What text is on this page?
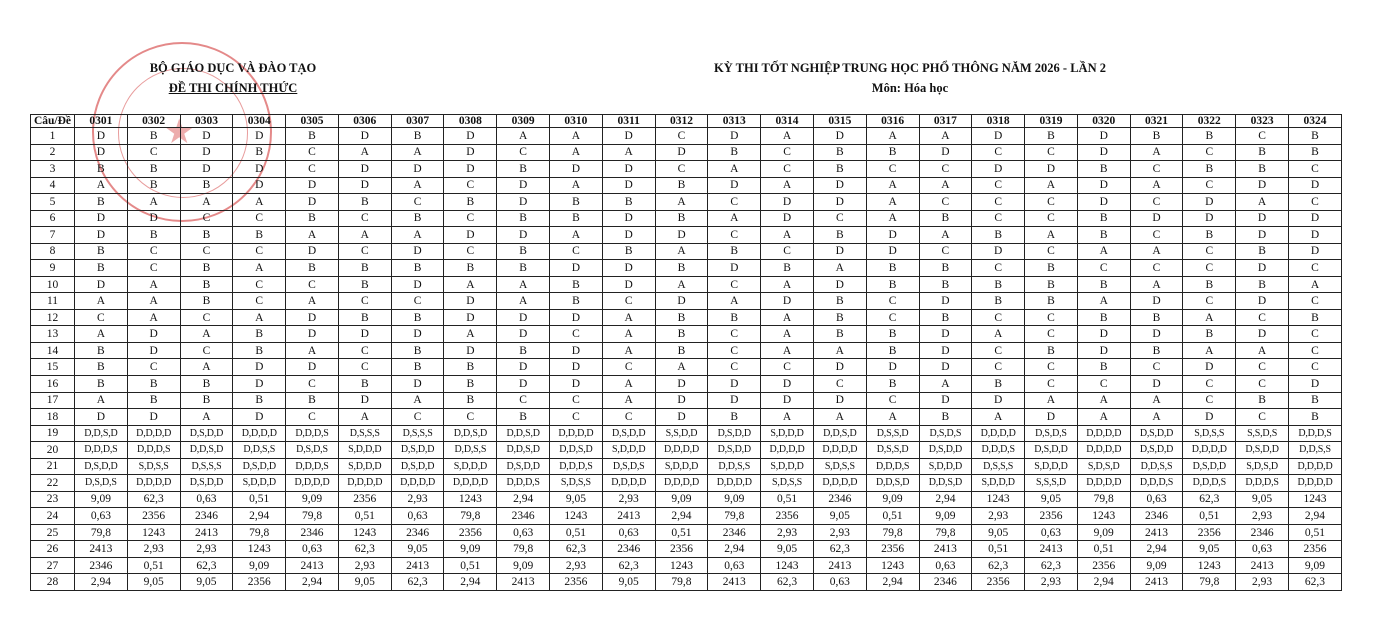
★
BỘ GIÁO DỤC VÀ ĐÀO TẠO
ĐỀ THI CHÍNH THỨC
KỲ THI TỐT NGHIỆP TRUNG HỌC PHỔ THÔNG NĂM 2026 - LẦN 2
Môn: Hóa học
Câu/Đề	0301	0302	0303	0304	0305	0306	0307	0308	0309	0310	0311	0312	0313	0314	0315	0316	0317	0318	0319	0320	0321	0322	0323	0324
1	D	B	D	D	B	D	B	D	A	A	D	C	D	A	D	A	A	D	B	D	B	B	C	B
2	D	C	D	B	C	A	A	D	C	A	A	D	B	C	B	B	D	C	C	D	A	C	B	B
3	B	B	D	D	C	D	D	D	B	D	D	C	A	C	B	C	C	D	D	B	C	B	B	C
4	A	B	B	D	D	D	A	C	D	A	D	B	D	A	D	A	A	C	A	D	A	C	D	D
5	B	A	A	A	D	B	C	B	D	B	B	A	C	D	D	A	C	C	C	D	C	D	A	C
6	D	D	C	C	B	C	B	C	B	B	D	B	A	D	C	A	B	C	C	B	D	D	D	D
7	D	B	B	B	A	A	A	D	D	A	D	D	C	A	B	D	A	B	A	B	C	B	D	D
8	B	C	C	C	D	C	D	C	B	C	B	A	B	C	D	D	C	D	C	A	A	C	B	D
9	B	C	B	A	B	B	B	B	B	D	D	B	D	B	A	B	B	C	B	C	C	C	D	C
10	D	A	B	C	C	B	D	A	A	B	D	A	C	A	D	B	B	B	B	B	A	B	B	A
11	A	A	B	C	A	C	C	D	A	B	C	D	A	D	B	C	D	B	B	A	D	C	D	C
12	C	A	C	A	D	B	B	D	D	D	A	B	B	A	B	C	B	C	C	B	B	A	C	B
13	A	D	A	B	D	D	D	A	D	C	A	B	C	A	B	B	D	A	C	D	D	B	D	C
14	B	D	C	B	A	C	B	D	B	D	A	B	C	A	A	B	D	C	B	D	B	A	A	C
15	B	C	A	D	D	C	B	B	D	D	C	A	C	C	D	D	D	C	C	B	C	D	C	C
16	B	B	B	D	C	B	D	B	D	D	A	D	D	D	C	B	A	B	C	C	D	C	C	D
17	A	B	B	B	B	D	A	B	C	C	A	D	D	D	D	C	D	D	A	A	A	C	B	B
18	D	D	A	D	C	A	C	C	B	C	C	D	B	A	A	A	B	A	D	A	A	D	C	B
19	D,D,S,D	D,D,D,D	D,S,D,D	D,D,D,D	D,D,D,S	D,S,S,S	D,S,S,S	D,D,S,D	D,D,S,D	D,D,D,D	D,S,D,D	S,S,D,D	D,S,D,D	S,D,D,D	D,D,S,D	D,S,S,D	D,S,D,S	D,D,D,D	D,S,D,S	D,D,D,D	D,S,D,D	S,D,S,S	S,S,D,S	D,D,D,S
20	D,D,D,S	D,D,D,S	D,D,S,D	D,D,S,S	D,S,D,S	S,D,D,D	D,S,D,D	D,D,S,S	D,D,S,D	D,D,S,D	S,D,D,D	D,D,D,D	D,S,D,D	D,D,D,D	D,D,D,D	D,S,S,D	D,S,D,D	D,D,D,S	D,S,D,D	D,D,D,D	D,S,D,D	D,D,D,D	D,S,D,D	D,D,S,S
21	D,S,D,D	S,D,S,S	D,S,S,S	D,S,D,D	D,D,D,S	S,D,D,D	D,S,D,D	S,D,D,D	D,S,D,D	D,D,D,S	D,S,D,S	S,D,D,D	D,D,S,S	S,D,D,D	S,D,S,S	D,D,D,S	S,D,D,D	D,S,S,S	S,D,D,D	S,D,S,D	D,D,S,S	D,S,D,D	S,D,S,D	D,D,D,D
22	D,S,D,S	D,D,D,D	D,S,D,D	S,D,D,D	D,D,D,D	D,D,D,D	D,D,D,D	D,D,D,D	D,D,D,S	S,D,S,S	D,D,D,D	D,D,D,D	D,D,D,D	S,D,S,S	D,D,D,D	D,D,S,D	D,D,S,D	S,D,D,D	S,S,S,D	D,D,D,D	D,D,D,S	D,D,D,S	D,D,D,S	D,D,D,D
23	9,09	62,3	0,63	0,51	9,09	2356	2,93	1243	2,94	9,05	2,93	9,09	9,09	0,51	2346	9,09	2,94	1243	9,05	79,8	0,63	62,3	9,05	1243
24	0,63	2356	2346	2,94	79,8	0,51	0,63	79,8	2346	1243	2413	2,94	79,8	2356	9,05	0,51	9,09	2,93	2356	1243	2346	0,51	2,93	2,94
25	79,8	1243	2413	79,8	2346	1243	2346	2356	0,63	0,51	0,63	0,51	2346	2,93	2,93	79,8	79,8	9,05	0,63	9,09	2413	2356	2346	0,51
26	2413	2,93	2,93	1243	0,63	62,3	9,05	9,09	79,8	62,3	2346	2356	2,94	9,05	62,3	2356	2413	0,51	2413	0,51	2,94	9,05	0,63	2356
27	2346	0,51	62,3	9,09	2413	2,93	2413	0,51	9,09	2,93	62,3	1243	0,63	1243	2413	1243	0,63	62,3	62,3	2356	9,09	1243	2413	9,09
28	2,94	9,05	9,05	2356	2,94	9,05	62,3	2,94	2413	2356	9,05	79,8	2413	62,3	0,63	2,94	2346	2356	2,93	2,94	2413	79,8	2,93	62,3
